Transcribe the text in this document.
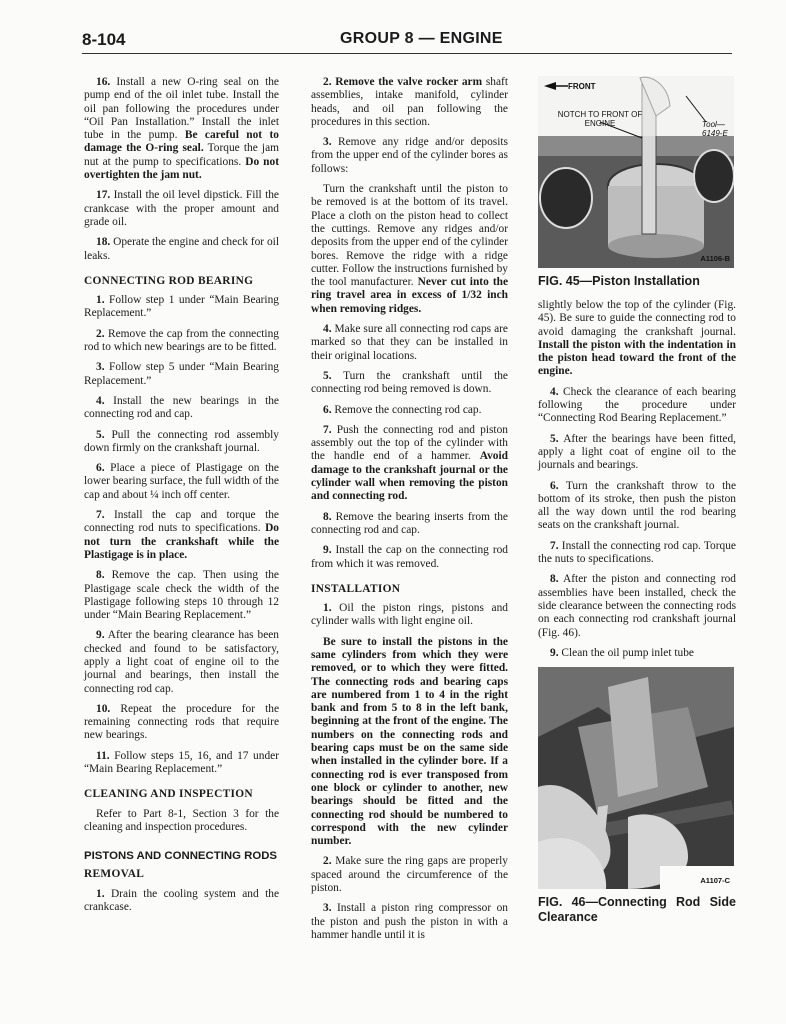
8-104	GROUP 8 — ENGINE

16. Install a new O-ring seal on the pump end of the oil inlet tube. Install the oil pan following the procedures under “Oil Pan Installation.” Install the inlet tube in the pump. Be careful not to damage the O-ring seal. Torque the jam nut at the pump to specifications. Do not overtighten the jam nut.

17. Install the oil level dipstick. Fill the crankcase with the proper amount and grade oil.

18. Operate the engine and check for oil leaks.

CONNECTING ROD BEARING

1. Follow step 1 under “Main Bearing Replacement.”

2. Remove the cap from the connecting rod to which new bearings are to be fitted.

3. Follow step 5 under “Main Bearing Replacement.”

4. Install the new bearings in the connecting rod and cap.

5. Pull the connecting rod assembly down firmly on the crankshaft journal.

6. Place a piece of Plastigage on the lower bearing surface, the full width of the cap and about ¼ inch off center.

7. Install the cap and torque the connecting rod nuts to specifications. Do not turn the crankshaft while the Plastigage is in place.

8. Remove the cap. Then using the Plastigage scale check the width of the Plastigage following steps 10 through 12 under “Main Bearing Replacement.”

9. After the bearing clearance has been checked and found to be satisfactory, apply a light coat of engine oil to the journal and bearings, then install the connecting rod cap.

10. Repeat the procedure for the remaining connecting rods that require new bearings.

11. Follow steps 15, 16, and 17 under “Main Bearing Replacement.”

CLEANING AND INSPECTION

Refer to Part 8-1, Section 3 for the cleaning and inspection procedures.

PISTONS AND CONNECTING RODS
REMOVAL

1. Drain the cooling system and the crankcase.

2. Remove the valve rocker arm shaft assemblies, intake manifold, cylinder heads, and oil pan following the procedures in this section.

3. Remove any ridge and/or deposits from the upper end of the cylinder bores as follows:

Turn the crankshaft until the piston to be removed is at the bottom of its travel. Place a cloth on the piston head to collect the cuttings. Remove any ridges and/or deposits from the upper end of the cylinder bores. Remove the ridge with a ridge cutter. Follow the instructions furnished by the tool manufacturer. Never cut into the ring travel area in excess of 1/32 inch when removing ridges.

4. Make sure all connecting rod caps are marked so that they can be installed in their original locations.

5. Turn the crankshaft until the connecting rod being removed is down.

6. Remove the connecting rod cap.

7. Push the connecting rod and piston assembly out the top of the cylinder with the handle end of a hammer. Avoid damage to the crankshaft journal or the cylinder wall when removing the piston and connecting rod.

8. Remove the bearing inserts from the connecting rod and cap.

9. Install the cap on the connecting rod from which it was removed.

INSTALLATION

1. Oil the piston rings, pistons and cylinder walls with light engine oil.

Be sure to install the pistons in the same cylinders from which they were removed, or to which they were fitted. The connecting rods and bearing caps are numbered from 1 to 4 in the right bank and from 5 to 8 in the left bank, beginning at the front of the engine. The numbers on the connecting rods and bearing caps must be on the same side when installed in the cylinder bore. If a connecting rod is ever transposed from one block or cylinder to another, new bearings should be fitted and the connecting rod should be numbered to correspond with the new cylinder number.

2. Make sure the ring gaps are properly spaced around the circumference of the piston.

3. Install a piston ring compressor on the piston and push the piston in with a hammer handle until it is

FRONT
NOTCH TO FRONT OF ENGINE	Tool— 6149-E
A1106-B
FIG. 45—Piston Installation

slightly below the top of the cylinder (Fig. 45). Be sure to guide the connecting rod to avoid damaging the crankshaft journal. Install the piston with the indentation in the piston head toward the front of the engine.

4. Check the clearance of each bearing following the procedure under “Connecting Rod Bearing Replacement.”

5. After the bearings have been fitted, apply a light coat of engine oil to the journals and bearings.

6. Turn the crankshaft throw to the bottom of its stroke, then push the piston all the way down until the rod bearing seats on the crankshaft journal.

7. Install the connecting rod cap. Torque the nuts to specifications.

8. After the piston and connecting rod assemblies have been installed, check the side clearance between the connecting rods on each connecting rod crankshaft journal (Fig. 46).

9. Clean the oil pump inlet tube

A1107-C
FIG. 46—Connecting Rod Side Clearance
